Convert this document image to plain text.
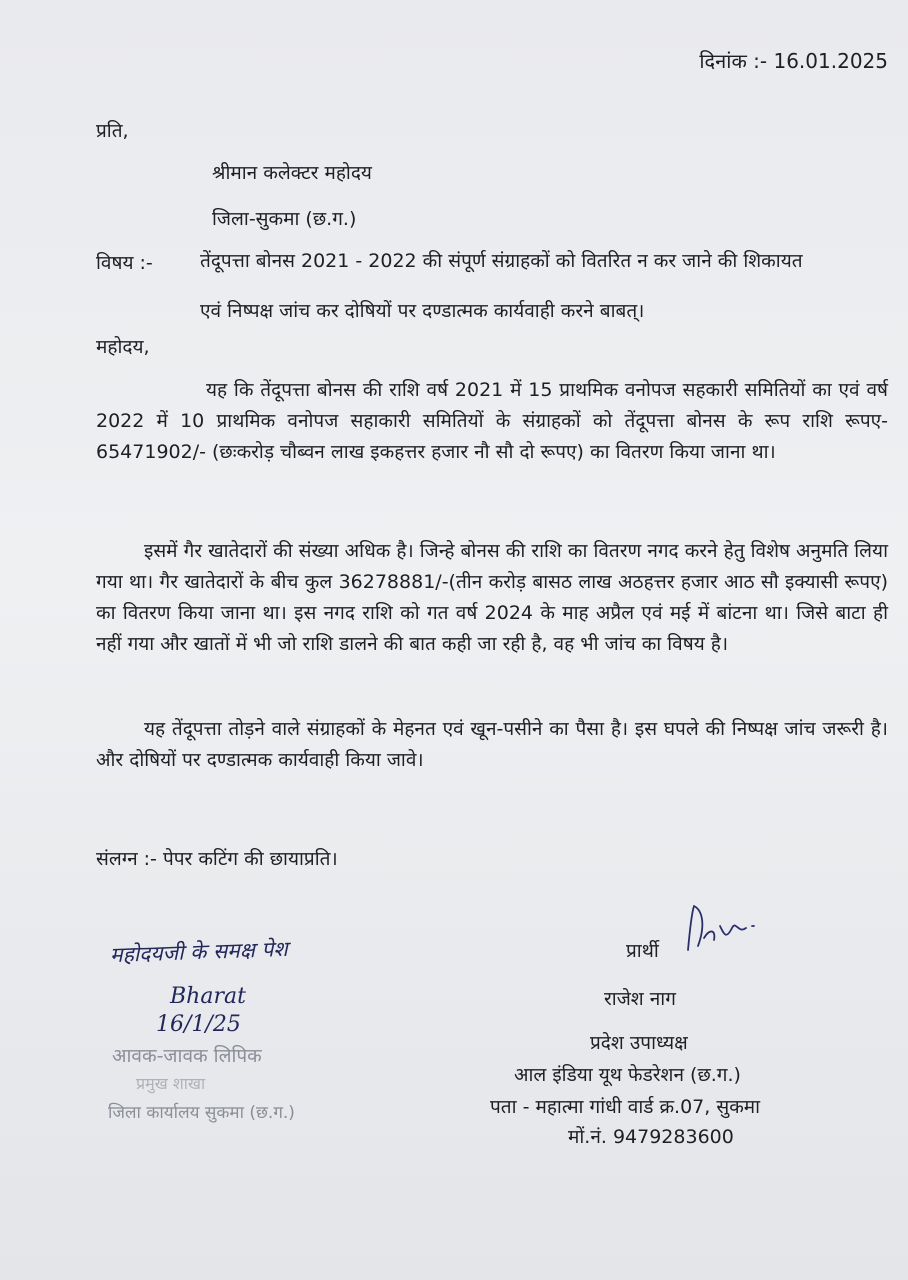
दिनांक :- 16.01.2025
प्रति,
श्रीमान कलेक्टर महोदय
जिला-सुकमा (छ.ग.)
विषय :- तेंदूपत्ता बोनस 2021 - 2022 की संपूर्ण संग्राहकों को वितरित न कर जाने की शिकायत
एवं निष्पक्ष जांच कर दोषियों पर दण्डात्मक कार्यवाही करने बाबत्।
महोदय,
यह कि तेंदूपत्ता बोनस की राशि वर्ष 2021 में 15 प्राथमिक वनोपज सहकारी समितियों का एवं वर्ष 2022 में 10 प्राथमिक वनोपज सहाकारी समितियों के संग्राहकों को तेंदूपत्ता बोनस के रूप राशि रूपए- 65471902/- (छःकरोड़ चौब्वन लाख इकहत्तर हजार नौ सौ दो रूपए) का वितरण किया जाना था।
इसमें गैर खातेदारों की संख्या अधिक है। जिन्हे बोनस की राशि का वितरण नगद करने हेतु विशेष अनुमति लिया गया था। गैर खातेदारों के बीच कुल 36278881/-(तीन करोड़ बासठ लाख अठहत्तर हजार आठ सौ इक्यासी रूपए) का वितरण किया जाना था। इस नगद राशि को गत वर्ष 2024 के माह अप्रैल एवं मई में बांटना था। जिसे बाटा ही नहीं गया और खातों में भी जो राशि डालने की बात कही जा रही है, वह भी जांच का विषय है।
यह तेंदूपत्ता तोड़ने वाले संग्राहकों के मेहनत एवं खून-पसीने का पैसा है। इस घपले की निष्पक्ष जांच जरूरी है। और दोषियों पर दण्डात्मक कार्यवाही किया जावे।
संलग्न :- पेपर कटिंग की छायाप्रति।
प्रार्थी
राजेश नाग
प्रदेश उपाध्यक्ष
आल इंडिया यूथ फेडरेशन (छ.ग.)
पता - महात्मा गांधी वार्ड क्र.07, सुकमा
मों.नं. 9479283600
महोदयजी के समक्ष पेश
Bharat
16/1/25
आवक-जावक लिपिक
प्रमुख शाखा
जिला कार्यालय सुकमा (छ.ग.)
